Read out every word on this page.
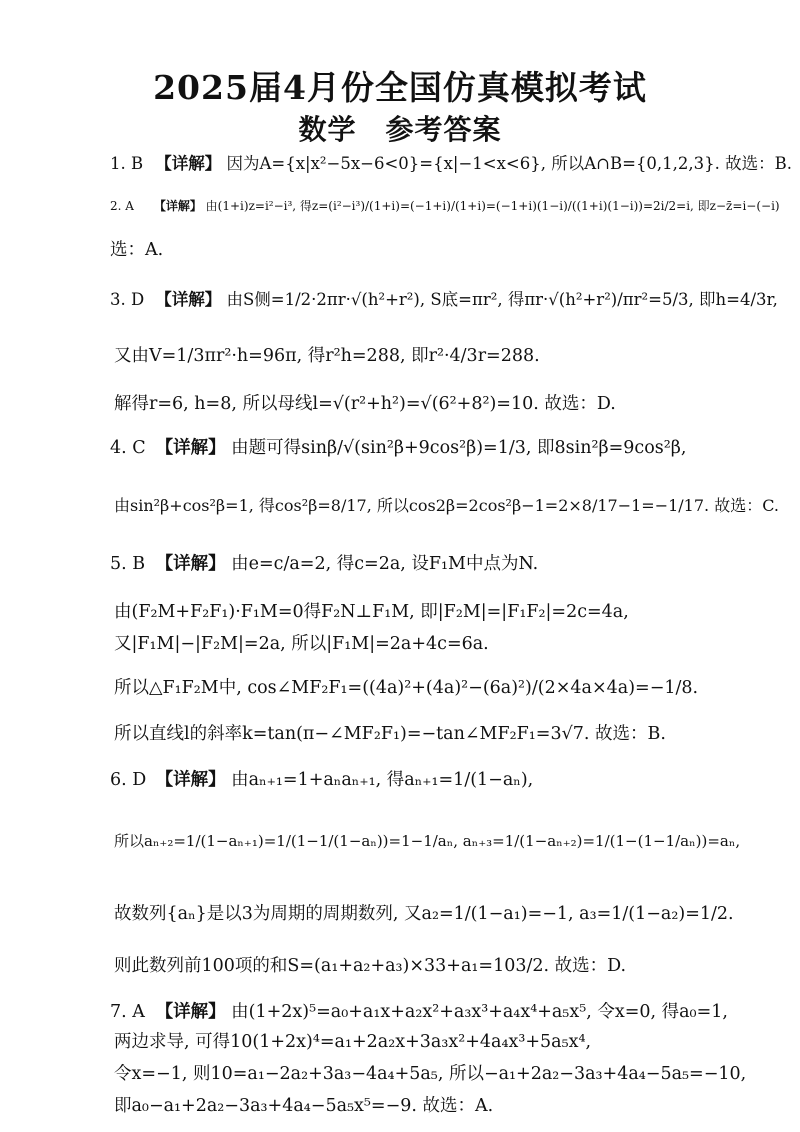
2025届4月份全国仿真模拟考试
数学　参考答案
1. B 【详解】 因为A={x|x²−5x−6<0}={x|−1<x<6}, 所以A∩B={0,1,2,3}. 故选：B.
2. A 【详解】 由(1+i)z=i²−i³, 得z=(i²−i³)/(1+i)=(−1+i)/(1+i)=(−1+i)(1−i)/((1+i)(1−i))=2i/2=i, 即z−z̄=i−(−i)
选：A.
3. D 【详解】 由S侧=1/2·2πr·√(h²+r²), S底=πr², 得πr·√(h²+r²)/πr²=5/3, 即h=4/3r,
又由V=1/3πr²·h=96π, 得r²h=288, 即r²·4/3r=288.
解得r=6, h=8, 所以母线l=√(r²+h²)=√(6²+8²)=10. 故选：D.
4. C 【详解】 由题可得sinβ/√(sin²β+9cos²β)=1/3, 即8sin²β=9cos²β,
由sin²β+cos²β=1, 得cos²β=8/17, 所以cos2β=2cos²β−1=2×8/17−1=−1/17. 故选：C.
5. B 【详解】 由e=c/a=2, 得c=2a, 设F₁M中点为N.
由(F₂M+F₂F₁)·F₁M=0得F₂N⊥F₁M, 即|F₂M|=|F₁F₂|=2c=4a,
又|F₁M|−|F₂M|=2a, 所以|F₁M|=2a+4c=6a.
所以△F₁F₂M中, cos∠MF₂F₁=((4a)²+(4a)²−(6a)²)/(2×4a×4a)=−1/8.
所以直线l的斜率k=tan(π−∠MF₂F₁)=−tan∠MF₂F₁=3√7. 故选：B.
6. D 【详解】 由aₙ₊₁=1+aₙaₙ₊₁, 得aₙ₊₁=1/(1−aₙ),
所以aₙ₊₂=1/(1−aₙ₊₁)=1/(1−1/(1−aₙ))=1−1/aₙ, aₙ₊₃=1/(1−aₙ₊₂)=1/(1−(1−1/aₙ))=aₙ,
故数列{aₙ}是以3为周期的周期数列, 又a₂=1/(1−a₁)=−1, a₃=1/(1−a₂)=1/2.
则此数列前100项的和S=(a₁+a₂+a₃)×33+a₁=103/2. 故选：D.
7. A 【详解】 由(1+2x)⁵=a₀+a₁x+a₂x²+a₃x³+a₄x⁴+a₅x⁵, 令x=0, 得a₀=1,
两边求导, 可得10(1+2x)⁴=a₁+2a₂x+3a₃x²+4a₄x³+5a₅x⁴,
令x=−1, 则10=a₁−2a₂+3a₃−4a₄+5a₅, 所以−a₁+2a₂−3a₃+4a₄−5a₅=−10,
即a₀−a₁+2a₂−3a₃+4a₄−5a₅x⁵=−9. 故选：A.
